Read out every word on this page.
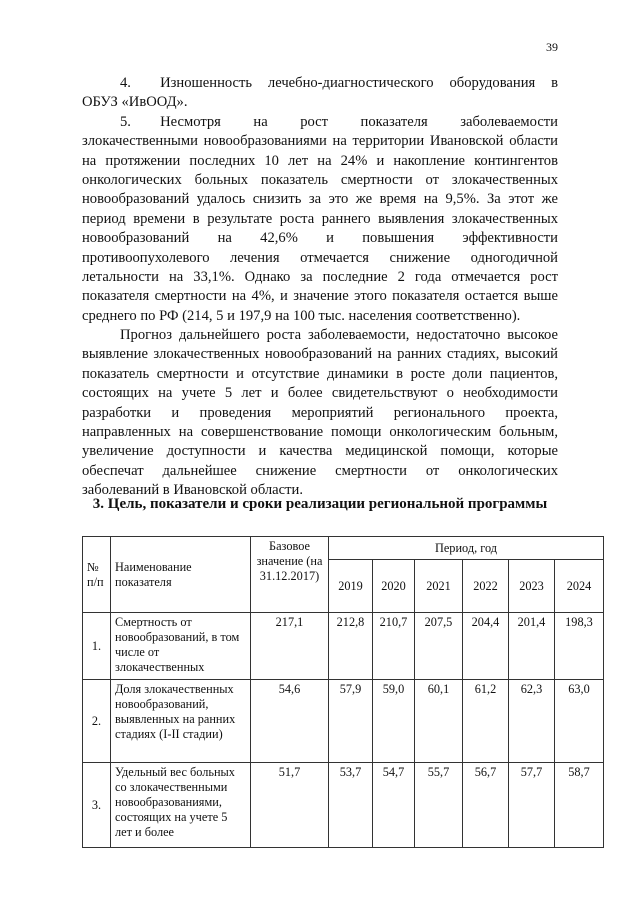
39
4.  Изношенность лечебно-диагностического оборудования в
ОБУЗ «ИвООД».
5.  Несмотря на рост показателя заболеваемости
злокачественными новообразованиями на территории Ивановской области
на протяжении последних 10 лет на 24% и накопление контингентов
онкологических больных показатель смертности от злокачественных
новообразований удалось снизить за это же время на 9,5%. За этот же
период времени в результате роста раннего выявления злокачественных
новообразований на 42,6% и повышения эффективности
противоопухолевого лечения отмечается снижение одногодичной
летальности на 33,1%. Однако за последние 2 года отмечается рост
показателя смертности на 4%, и значение этого показателя остается выше
среднего по РФ (214, 5 и 197,9 на 100 тыс. населения соответственно).
Прогноз дальнейшего роста заболеваемости, недостаточно высокое
выявление злокачественных новообразований на ранних стадиях, высокий
показатель смертности и отсутствие динамики в росте доли пациентов,
состоящих на учете 5 лет и более свидетельствуют о необходимости
разработки и проведения мероприятий регионального проекта,
направленных на совершенствование помощи онкологическим больным,
увеличение доступности и качества медицинской помощи, которые
обеспечат дальнейшее снижение смертности от онкологических
заболеваний в Ивановской области.
3. Цель, показатели и сроки реализации региональной программы
№ п/п	Наименование показателя	Базовое значение (на 31.12.2017)	Период, год					
			2019	2020	2021	2022	2023	2024
1.	Смертность от новообразований, в том числе от злокачественных	217,1	212,8	210,7	207,5	204,4	201,4	198,3
2.	Доля злокачественных новообразований, выявленных на ранних стадиях (I-II стадии)	54,6	57,9	59,0	60,1	61,2	62,3	63,0
3.	Удельный вес больных со злокачественными новообразованиями, состоящих на учете 5 лет и более	51,7	53,7	54,7	55,7	56,7	57,7	58,7
